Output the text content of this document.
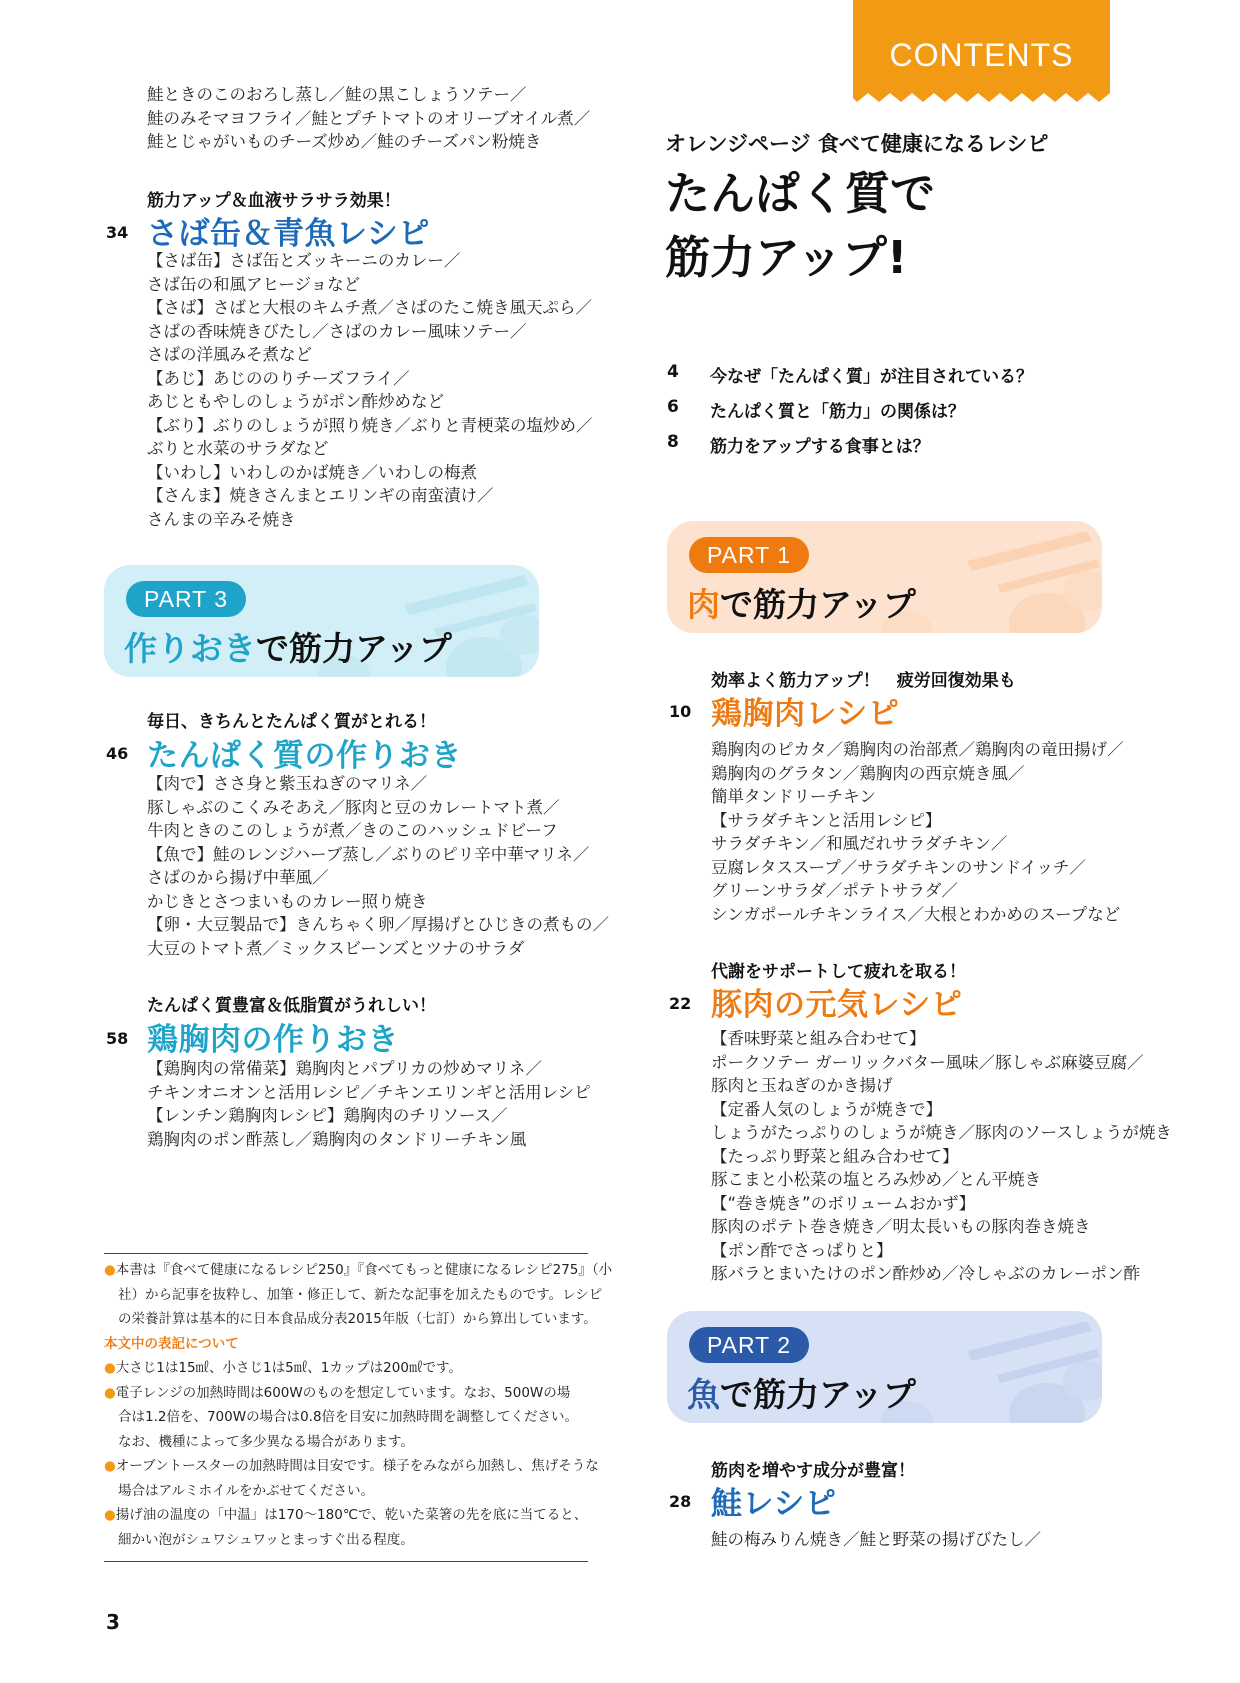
CONTENTS
オレンジページ 食べて健康になるレシピ
たんぱく質で
筋力アップ!
4 今なぜ「たんぱく質」が注目されている？
6 たんぱく質と「筋力」の関係は？
8 筋力をアップする食事とは？
PART 1
肉で筋力アップ
効率よく筋力アップ！　疲労回復効果も
10 鶏胸肉レシピ
鶏胸肉のピカタ／鶏胸肉の治部煮／鶏胸肉の竜田揚げ／
鶏胸肉のグラタン／鶏胸肉の西京焼き風／
簡単タンドリーチキン
【サラダチキンと活用レシピ】
サラダチキン／和風だれサラダチキン／
豆腐レタススープ／サラダチキンのサンドイッチ／
グリーンサラダ／ポテトサラダ／
シンガポールチキンライス／大根とわかめのスープなど
代謝をサポートして疲れを取る！
22 豚肉の元気レシピ
【香味野菜と組み合わせて】
ポークソテー ガーリックバター風味／豚しゃぶ麻婆豆腐／
豚肉と玉ねぎのかき揚げ
【定番人気のしょうが焼きで】
しょうがたっぷりのしょうが焼き／豚肉のソースしょうが焼き
【たっぷり野菜と組み合わせて】
豚こまと小松菜の塩とろみ炒め／とん平焼き
【“巻き焼き”のボリュームおかず】
豚肉のポテト巻き焼き／明太長いもの豚肉巻き焼き
【ポン酢でさっぱりと】
豚バラとまいたけのポン酢炒め／冷しゃぶのカレーポン酢
PART 2
魚で筋力アップ
筋肉を増やす成分が豊富！
28 鮭レシピ
鮭の梅みりん焼き／鮭と野菜の揚げびたし／
鮭ときのこのおろし蒸し／鮭の黒こしょうソテー／
鮭のみそマヨフライ／鮭とプチトマトのオリーブオイル煮／
鮭とじゃがいものチーズ炒め／鮭のチーズパン粉焼き
筋力アップ＆血液サラサラ効果！
34 さば缶＆青魚レシピ
【さば缶】さば缶とズッキーニのカレー／
さば缶の和風アヒージョなど
【さば】さばと大根のキムチ煮／さばのたこ焼き風天ぷら／
さばの香味焼きびたし／さばのカレー風味ソテー／
さばの洋風みそ煮など
【あじ】あじののりチーズフライ／
あじともやしのしょうがポン酢炒めなど
【ぶり】ぶりのしょうが照り焼き／ぶりと青梗菜の塩炒め／
ぶりと水菜のサラダなど
【いわし】いわしのかば焼き／いわしの梅煮
【さんま】焼きさんまとエリンギの南蛮漬け／
さんまの辛みそ焼き
PART 3
作りおきで筋力アップ
毎日、きちんとたんぱく質がとれる！
46 たんぱく質の作りおき
【肉で】ささ身と紫玉ねぎのマリネ／
豚しゃぶのこくみそあえ／豚肉と豆のカレートマト煮／
牛肉ときのこのしょうが煮／きのこのハッシュドビーフ
【魚で】鮭のレンジハーブ蒸し／ぶりのピリ辛中華マリネ／
さばのから揚げ中華風／
かじきとさつまいものカレー照り焼き
【卵・大豆製品で】きんちゃく卵／厚揚げとひじきの煮もの／
大豆のトマト煮／ミックスビーンズとツナのサラダ
たんぱく質豊富＆低脂質がうれしい！
58 鶏胸肉の作りおき
【鶏胸肉の常備菜】鶏胸肉とパプリカの炒めマリネ／
チキンオニオンと活用レシピ／チキンエリンギと活用レシピ
【レンチン鶏胸肉レシピ】鶏胸肉のチリソース／
鶏胸肉のポン酢蒸し／鶏胸肉のタンドリーチキン風
●本書は『食べて健康になるレシピ250』『食べてもっと健康になるレシピ275』（小
社）から記事を抜粋し、加筆・修正して、新たな記事を加えたものです。レシピ
の栄養計算は基本的に日本食品成分表2015年版（七訂）から算出しています。
本文中の表記について
●大さじ1は15㎖、小さじ1は5㎖、1カップは200㎖です。
●電子レンジの加熱時間は600Wのものを想定しています。なお、500Wの場
合は1.2倍を、700Wの場合は0.8倍を目安に加熱時間を調整してください。
なお、機種によって多少異なる場合があります。
●オーブントースターの加熱時間は目安です。様子をみながら加熱し、焦げそうな
場合はアルミホイルをかぶせてください。
●揚げ油の温度の「中温」は170～180℃で、乾いた菜箸の先を底に当てると、
細かい泡がシュワシュワッとまっすぐ出る程度。
3
